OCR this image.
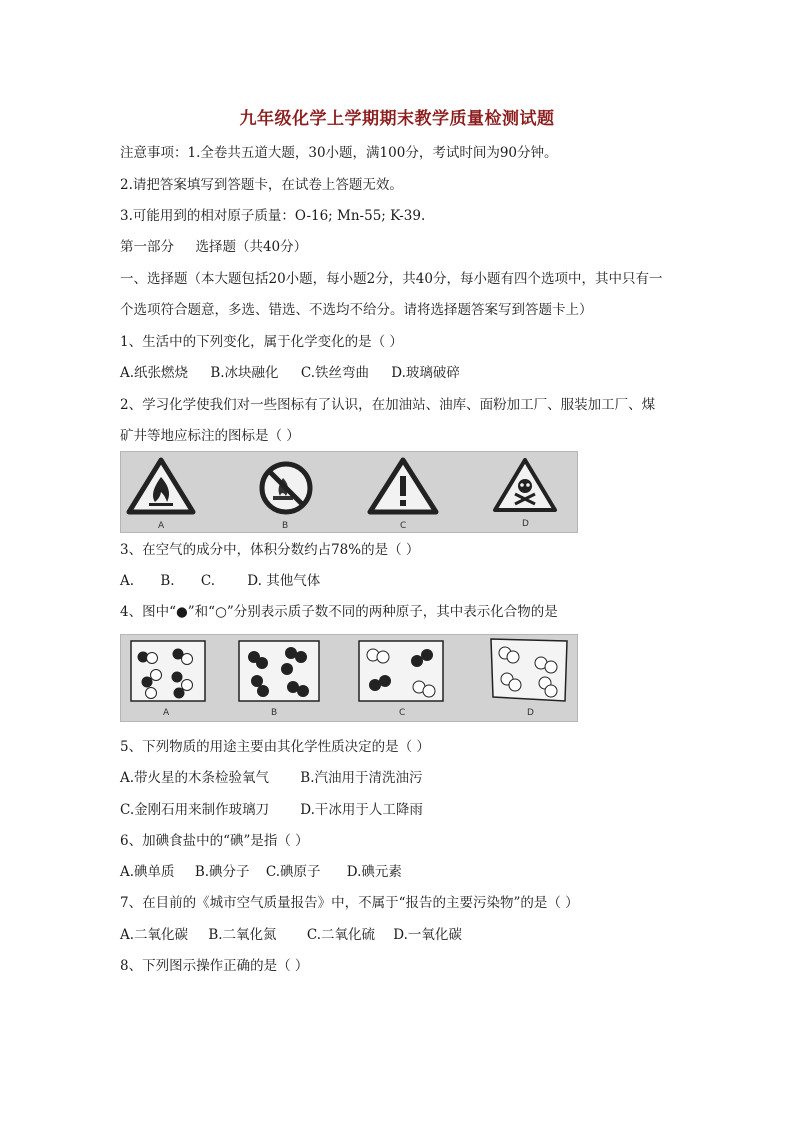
九年级化学上学期期末教学质量检测试题
注意事项：1.全卷共五道大题，30小题，满100分，考试时间为90分钟。
2.请把答案填写到答题卡，在试卷上答题无效。
3.可能用到的相对原子质量：O-16; Mn-55; K-39.
第一部分     选择题（共40分）
一、选择题（本大题包括20小题，每小题2分，共40分，每小题有四个选项中，其中只有一
个选项符合题意，多选、错选、不选均不给分。请将选择题答案写到答题卡上）
1、生活中的下列变化，属于化学变化的是（ ）
A.纸张燃烧 B.冰块融化 C.铁丝弯曲 D.玻璃破碎
2、学习化学使我们对一些图标有了认识，在加油站、油库、面粉加工厂、服装加工厂、煤
矿井等地应标注的图标是（ ）
A	B	C	D
3、在空气的成分中，体积分数约占78%的是（ ）
A. B. C. D. 其他气体
4、图中“●”和“○”分别表示质子数不同的两种原子，其中表示化合物的是
A	B	C	D
5、下列物质的用途主要由其化学性质决定的是（ ）
A.带火星的木条检验氧气 B.汽油用于清洗油污
C.金刚石用来制作玻璃刀 D.干冰用于人工降雨
6、加碘食盐中的“碘”是指（ ）
A.碘单质 B.碘分子 C.碘原子 D.碘元素
7、在目前的《城市空气质量报告》中，不属于“报告的主要污染物”的是（ ）
A.二氧化碳 B.二氧化氮 C.二氧化硫 D.一氧化碳
8、下列图示操作正确的是（ ）
